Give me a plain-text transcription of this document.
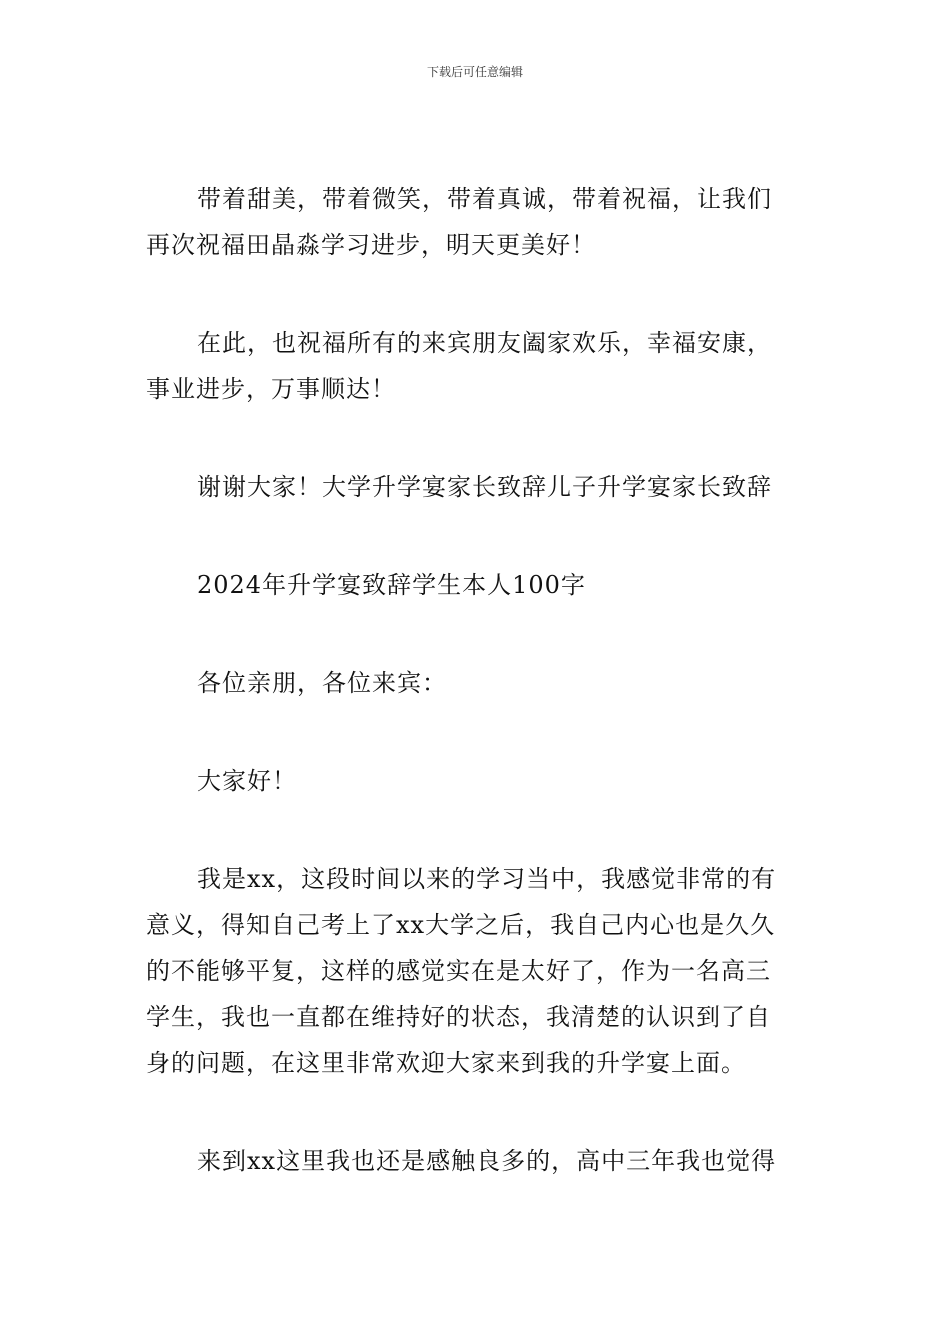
下载后可任意编辑

带着甜美，带着微笑，带着真诚，带着祝福，让我们
再次祝福田晶淼学习进步，明天更美好！

在此，也祝福所有的来宾朋友阖家欢乐，幸福安康，
事业进步，万事顺达！

谢谢大家！大学升学宴家长致辞儿子升学宴家长致辞

2024年升学宴致辞学生本人100字

各位亲朋，各位来宾：

大家好！

我是xx，这段时间以来的学习当中，我感觉非常的有
意义，得知自己考上了xx大学之后，我自己内心也是久久
的不能够平复，这样的感觉实在是太好了，作为一名高三
学生，我也一直都在维持好的状态，我清楚的认识到了自
身的问题，在这里非常欢迎大家来到我的升学宴上面。

来到xx这里我也还是感触良多的，高中三年我也觉得
